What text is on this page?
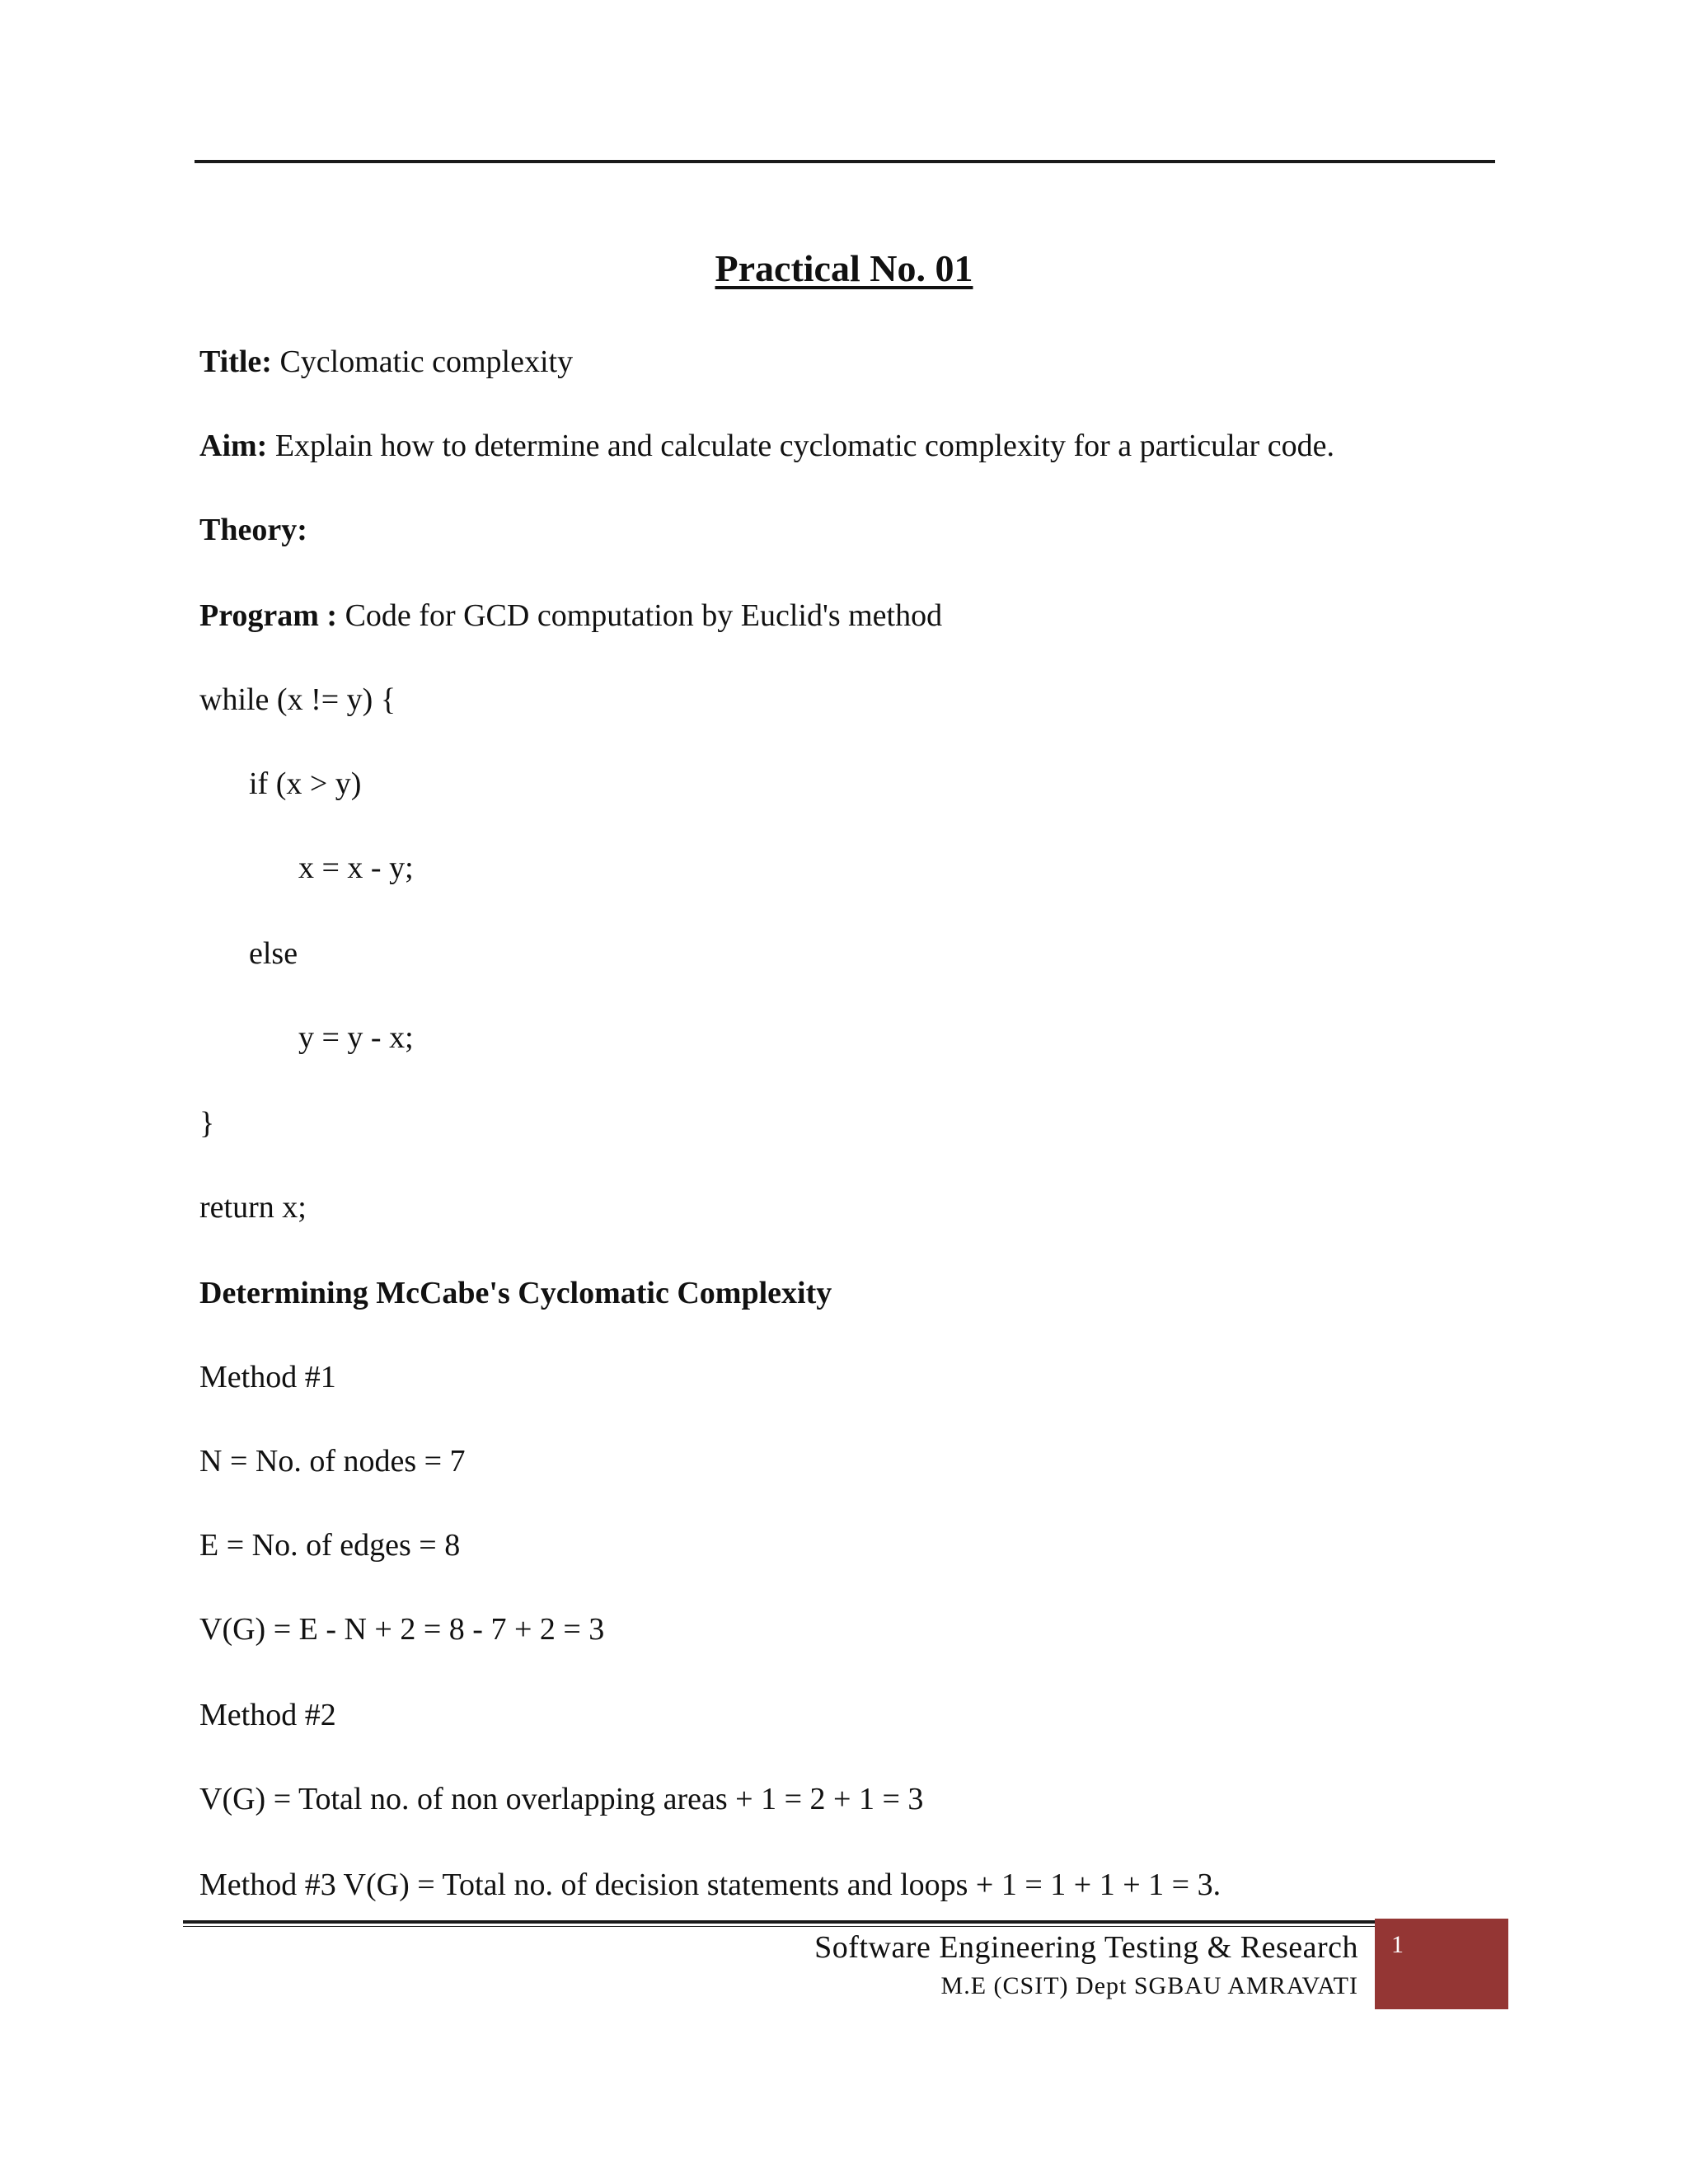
Practical No. 01
Title: Cyclomatic complexity
Aim: Explain how to determine and calculate cyclomatic complexity for a particular code.
Theory:
Program : Code for GCD computation by Euclid's method
while (x != y) {
if (x > y)
x = x - y;
else
y = y - x;
}
return x;
Determining McCabe's Cyclomatic Complexity
Method #1
N = No. of nodes = 7
E = No. of edges = 8
V(G) = E - N + 2 = 8 - 7 + 2 = 3
Method #2
V(G) = Total no. of non overlapping areas + 1 = 2 + 1 = 3
Method #3 V(G) = Total no. of decision statements and loops + 1 = 1 + 1 + 1 = 3.
Software Engineering Testing & Research
M.E (CSIT) Dept SGBAU AMRAVATI
1
